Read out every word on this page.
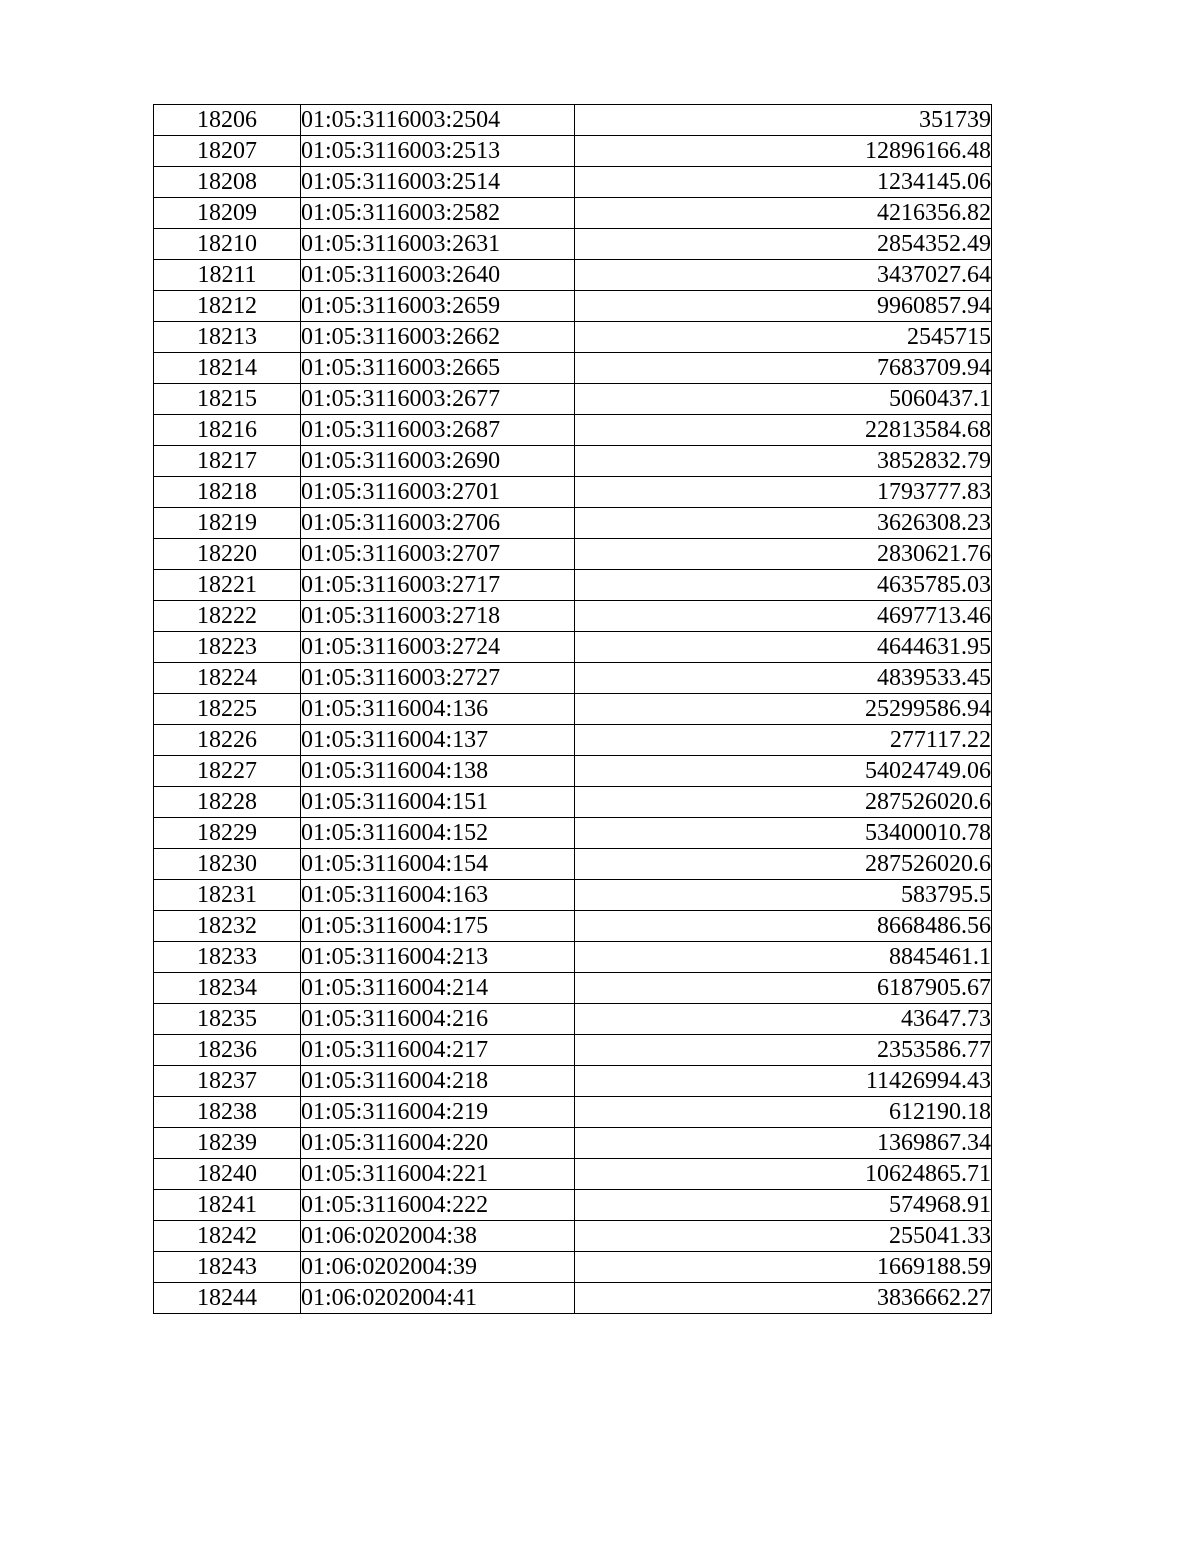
18206	01:05:3116003:2504	351739
18207	01:05:3116003:2513	12896166.48
18208	01:05:3116003:2514	1234145.06
18209	01:05:3116003:2582	4216356.82
18210	01:05:3116003:2631	2854352.49
18211	01:05:3116003:2640	3437027.64
18212	01:05:3116003:2659	9960857.94
18213	01:05:3116003:2662	2545715
18214	01:05:3116003:2665	7683709.94
18215	01:05:3116003:2677	5060437.1
18216	01:05:3116003:2687	22813584.68
18217	01:05:3116003:2690	3852832.79
18218	01:05:3116003:2701	1793777.83
18219	01:05:3116003:2706	3626308.23
18220	01:05:3116003:2707	2830621.76
18221	01:05:3116003:2717	4635785.03
18222	01:05:3116003:2718	4697713.46
18223	01:05:3116003:2724	4644631.95
18224	01:05:3116003:2727	4839533.45
18225	01:05:3116004:136	25299586.94
18226	01:05:3116004:137	277117.22
18227	01:05:3116004:138	54024749.06
18228	01:05:3116004:151	287526020.6
18229	01:05:3116004:152	53400010.78
18230	01:05:3116004:154	287526020.6
18231	01:05:3116004:163	583795.5
18232	01:05:3116004:175	8668486.56
18233	01:05:3116004:213	8845461.1
18234	01:05:3116004:214	6187905.67
18235	01:05:3116004:216	43647.73
18236	01:05:3116004:217	2353586.77
18237	01:05:3116004:218	11426994.43
18238	01:05:3116004:219	612190.18
18239	01:05:3116004:220	1369867.34
18240	01:05:3116004:221	10624865.71
18241	01:05:3116004:222	574968.91
18242	01:06:0202004:38	255041.33
18243	01:06:0202004:39	1669188.59
18244	01:06:0202004:41	3836662.27
